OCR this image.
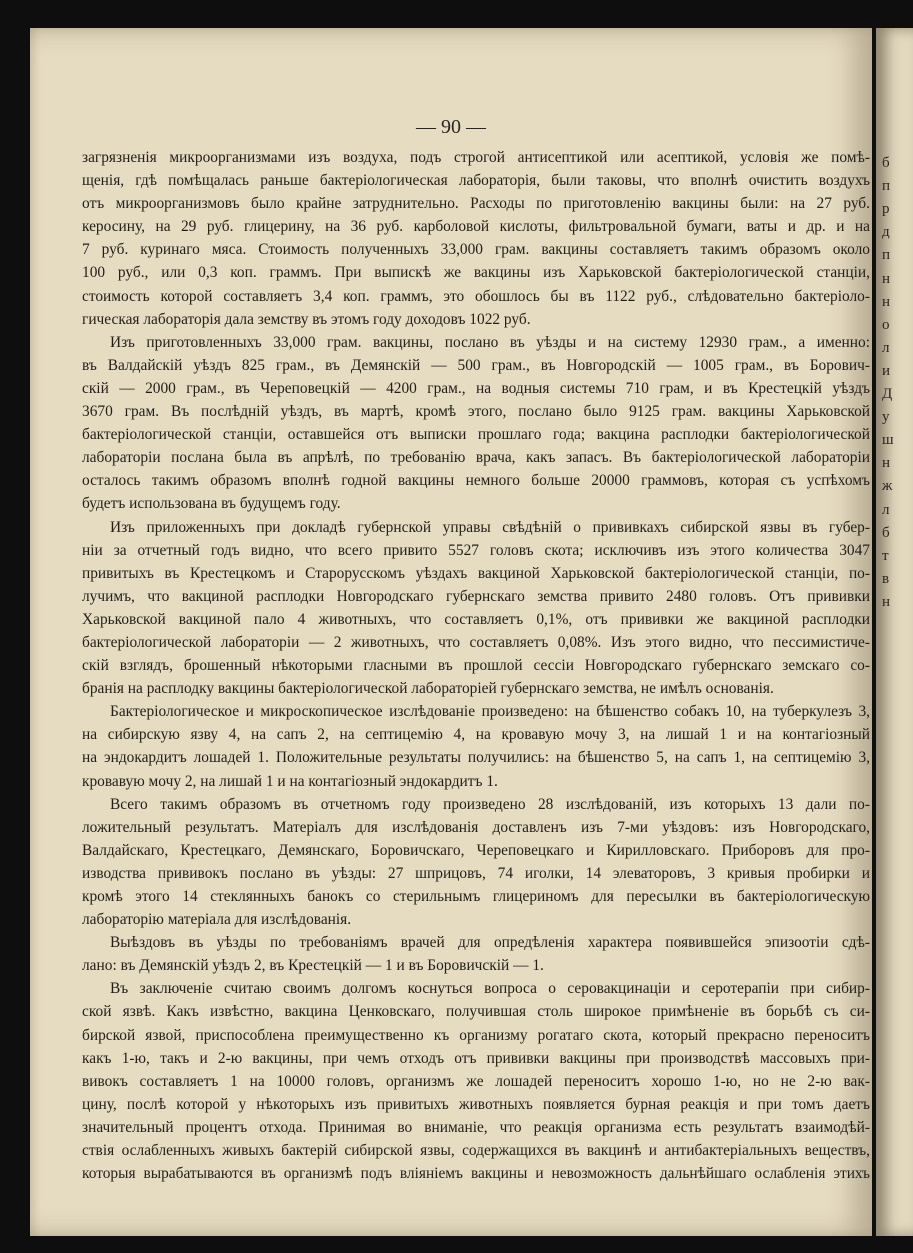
— 90 —
загрязненія микроорганизмами изъ воздуха, подъ строгой антисептикой или асептикой, условія же помѣ-
щенія, гдѣ помѣщалась раньше бактеріологическая лабораторія, были таковы, что вполнѣ очистить воздухъ
отъ микроорганизмовъ было крайне затруднительно. Расходы по приготовленію вакцины были: на 27 руб.
керосину, на 29 руб. глицерину, на 36 руб. карболовой кислоты, фильтровальной бумаги, ваты и др. и на
7 руб. куринаго мяса. Стоимость полученныхъ 33,000 грам. вакцины составляетъ такимъ образомъ около
100 руб., или 0,3 коп. граммъ. При выпискѣ же вакцины изъ Харьковской бактеріологической станціи,
стоимость которой составляетъ 3,4 коп. граммъ, это обошлось бы въ 1122 руб., слѣдовательно бактеріоло-
гическая лабораторія дала земству въ этомъ году доходовъ 1022 руб.
Изъ приготовленныхъ 33,000 грам. вакцины, послано въ уѣзды и на систему 12930 грам., а именно:
въ Валдайскій уѣздъ 825 грам., въ Демянскій — 500 грам., въ Новгородскій — 1005 грам., въ Борович-
скій — 2000 грам., въ Череповецкій — 4200 грам., на водныя системы 710 грам, и въ Крестецкій уѣздъ
3670 грам. Въ послѣдній уѣздъ, въ мартѣ, кромѣ этого, послано было 9125 грам. вакцины Харьковской
бактеріологической станціи, оставшейся отъ выписки прошлаго года; вакцина расплодки бактеріологической
лабораторіи послана была въ апрѣлѣ, по требованію врача, какъ запасъ. Въ бактеріологической лабораторіи
осталось такимъ образомъ вполнѣ годной вакцины немного больше 20000 граммовъ, которая съ успѣхомъ
будетъ использована въ будущемъ году.
Изъ приложенныхъ при докладѣ губернской управы свѣдѣній о прививкахъ сибирской язвы въ губер-
ніи за отчетный годъ видно, что всего привито 5527 головъ скота; исключивъ изъ этого количества 3047
привитыхъ въ Крестецкомъ и Старорусскомъ уѣздахъ вакциной Харьковской бактеріологической станціи, по-
лучимъ, что вакциной расплодки Новгородскаго губернскаго земства привито 2480 головъ. Отъ прививки
Харьковской вакциной пало 4 животныхъ, что составляетъ 0,1%, отъ прививки же вакциной расплодки
бактеріологической лабораторіи — 2 животныхъ, что составляетъ 0,08%. Изъ этого видно, что пессимистиче-
скій взглядъ, брошенный нѣкоторыми гласными въ прошлой сессіи Новгородскаго губернскаго земскаго со-
бранія на расплодку вакцины бактеріологической лабораторіей губернскаго земства, не имѣлъ основанія.
Бактеріологическое и микроскопическое изслѣдованіе произведено: на бѣшенство собакъ 10, на туберкулезъ 3,
на сибирскую язву 4, на сапъ 2, на септицемію 4, на кровавую мочу 3, на лишай 1 и на контагіозный
на эндокардитъ лошадей 1. Положительные результаты получились: на бѣшенство 5, на сапъ 1, на септицемію 3,
кровавую мочу 2, на лишай 1 и на контагіозный эндокардитъ 1.
Всего такимъ образомъ въ отчетномъ году произведено 28 изслѣдованій, изъ которыхъ 13 дали по-
ложительный результатъ. Матеріалъ для изслѣдованія доставленъ изъ 7-ми уѣздовъ: изъ Новгородскаго,
Валдайскаго, Крестецкаго, Демянскаго, Боровичскаго, Череповецкаго и Кирилловскаго. Приборовъ для про-
изводства прививокъ послано въ уѣзды: 27 шприцовъ, 74 иголки, 14 элеваторовъ, 3 кривыя пробирки и
кромѣ этого 14 стеклянныхъ банокъ со стерильнымъ глицериномъ для пересылки въ бактеріологическую
лабораторію матеріала для изслѣдованія.
Выѣздовъ въ уѣзды по требованіямъ врачей для опредѣленія характера появившейся эпизоотіи сдѣ-
лано: въ Демянскій уѣздъ 2, въ Крестецкій — 1 и въ Боровичскій — 1.
Въ заключеніе считаю своимъ долгомъ коснуться вопроса о серовакцинаціи и серотерапіи при сибир-
ской язвѣ. Какъ извѣстно, вакцина Ценковскаго, получившая столь широкое примѣненіе въ борьбѣ съ си-
бирской язвой, приспособлена преимущественно къ организму рогатаго скота, который прекрасно переноситъ
какъ 1-ю, такъ и 2-ю вакцины, при чемъ отходъ отъ прививки вакцины при производствѣ массовыхъ при-
вивокъ составляетъ 1 на 10000 головъ, организмъ же лошадей переноситъ хорошо 1-ю, но не 2-ю вак-
цину, послѣ которой у нѣкоторыхъ изъ привитыхъ животныхъ появляется бурная реакція и при томъ даетъ
значительный процентъ отхода. Принимая во вниманіе, что реакція организма есть результатъ взаимодѣй-
ствія ослабленныхъ живыхъ бактерій сибирской язвы, содержащихся въ вакцинѣ и антибактеріальныхъ веществъ,
которыя вырабатываются въ организмѣ подъ вліяніемъ вакцины и невозможность дальнѣйшаго ослабленія этихъ
б
п
р
д
п
н
н
о
л
и
Д
у
ш
н
ж
л
б
т
в
н
